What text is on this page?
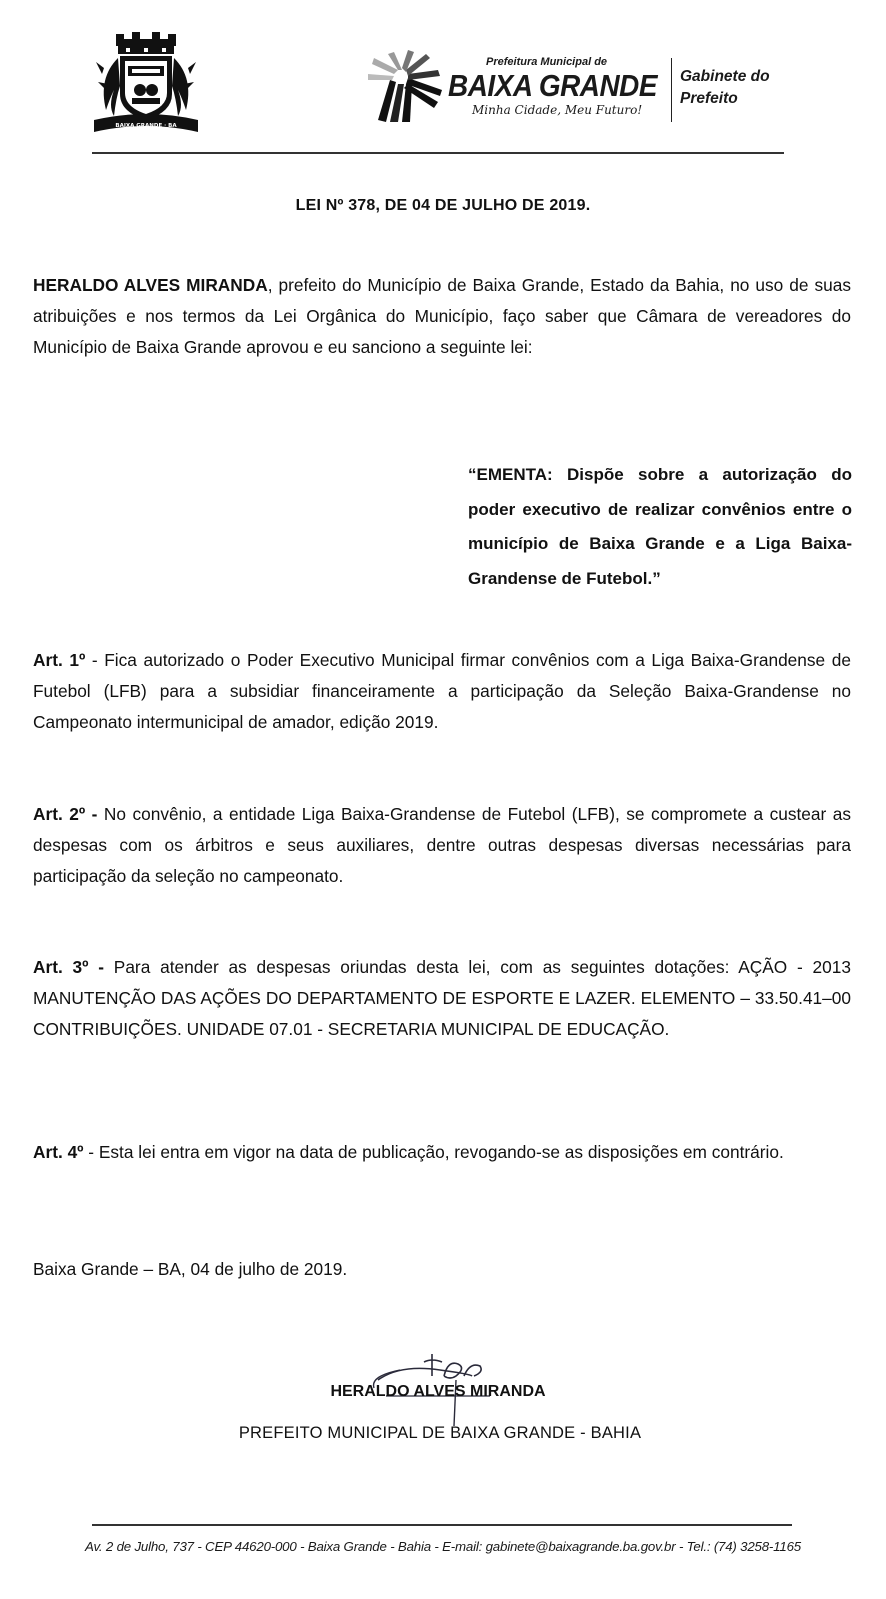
BAIXA GRANDE · BA
Prefeitura Municipal de
BAIXA GRANDE
Minha Cidade, Meu Futuro!
Gabinete do
Prefeito
LEI Nº 378, DE 04 DE JULHO DE 2019.

HERALDO ALVES MIRANDA, prefeito do Município de Baixa Grande, Estado da Bahia, no uso de suas atribuições e nos termos da Lei Orgânica do Município, faço saber que Câmara de vereadores do Município de Baixa Grande aprovou e eu sanciono a seguinte lei:

“EMENTA: Dispõe sobre a autorização do poder executivo de realizar convênios entre o município de Baixa Grande e a Liga Baixa-Grandense de Futebol.”

Art. 1º - Fica autorizado o Poder Executivo Municipal firmar convênios com a Liga Baixa-Grandense de Futebol (LFB) para a subsidiar financeiramente a participação da Seleção Baixa-Grandense no Campeonato intermunicipal de amador, edição 2019.

Art. 2º - No convênio, a entidade Liga Baixa-Grandense de Futebol (LFB), se compromete a custear as despesas com os árbitros e seus auxiliares, dentre outras despesas diversas necessárias para participação da seleção no campeonato.

Art. 3º - Para atender as despesas oriundas desta lei, com as seguintes dotações: AÇÃO - 2013 MANUTENÇÃO DAS AÇÕES DO DEPARTAMENTO DE ESPORTE E LAZER. ELEMENTO – 33.50.41–00 CONTRIBUIÇÕES. UNIDADE 07.01 - SECRETARIA MUNICIPAL DE EDUCAÇÃO.

Art. 4º - Esta lei entra em vigor na data de publicação, revogando-se as disposições em contrário.

Baixa Grande – BA, 04 de julho de 2019.
HERALDO ALVES MIRANDA
PREFEITO MUNICIPAL DE BAIXA GRANDE - BAHIA
Av. 2 de Julho, 737 - CEP 44620-000 - Baixa Grande - Bahia - E-mail: gabinete@baixagrande.ba.gov.br - Tel.: (74) 3258-1165
